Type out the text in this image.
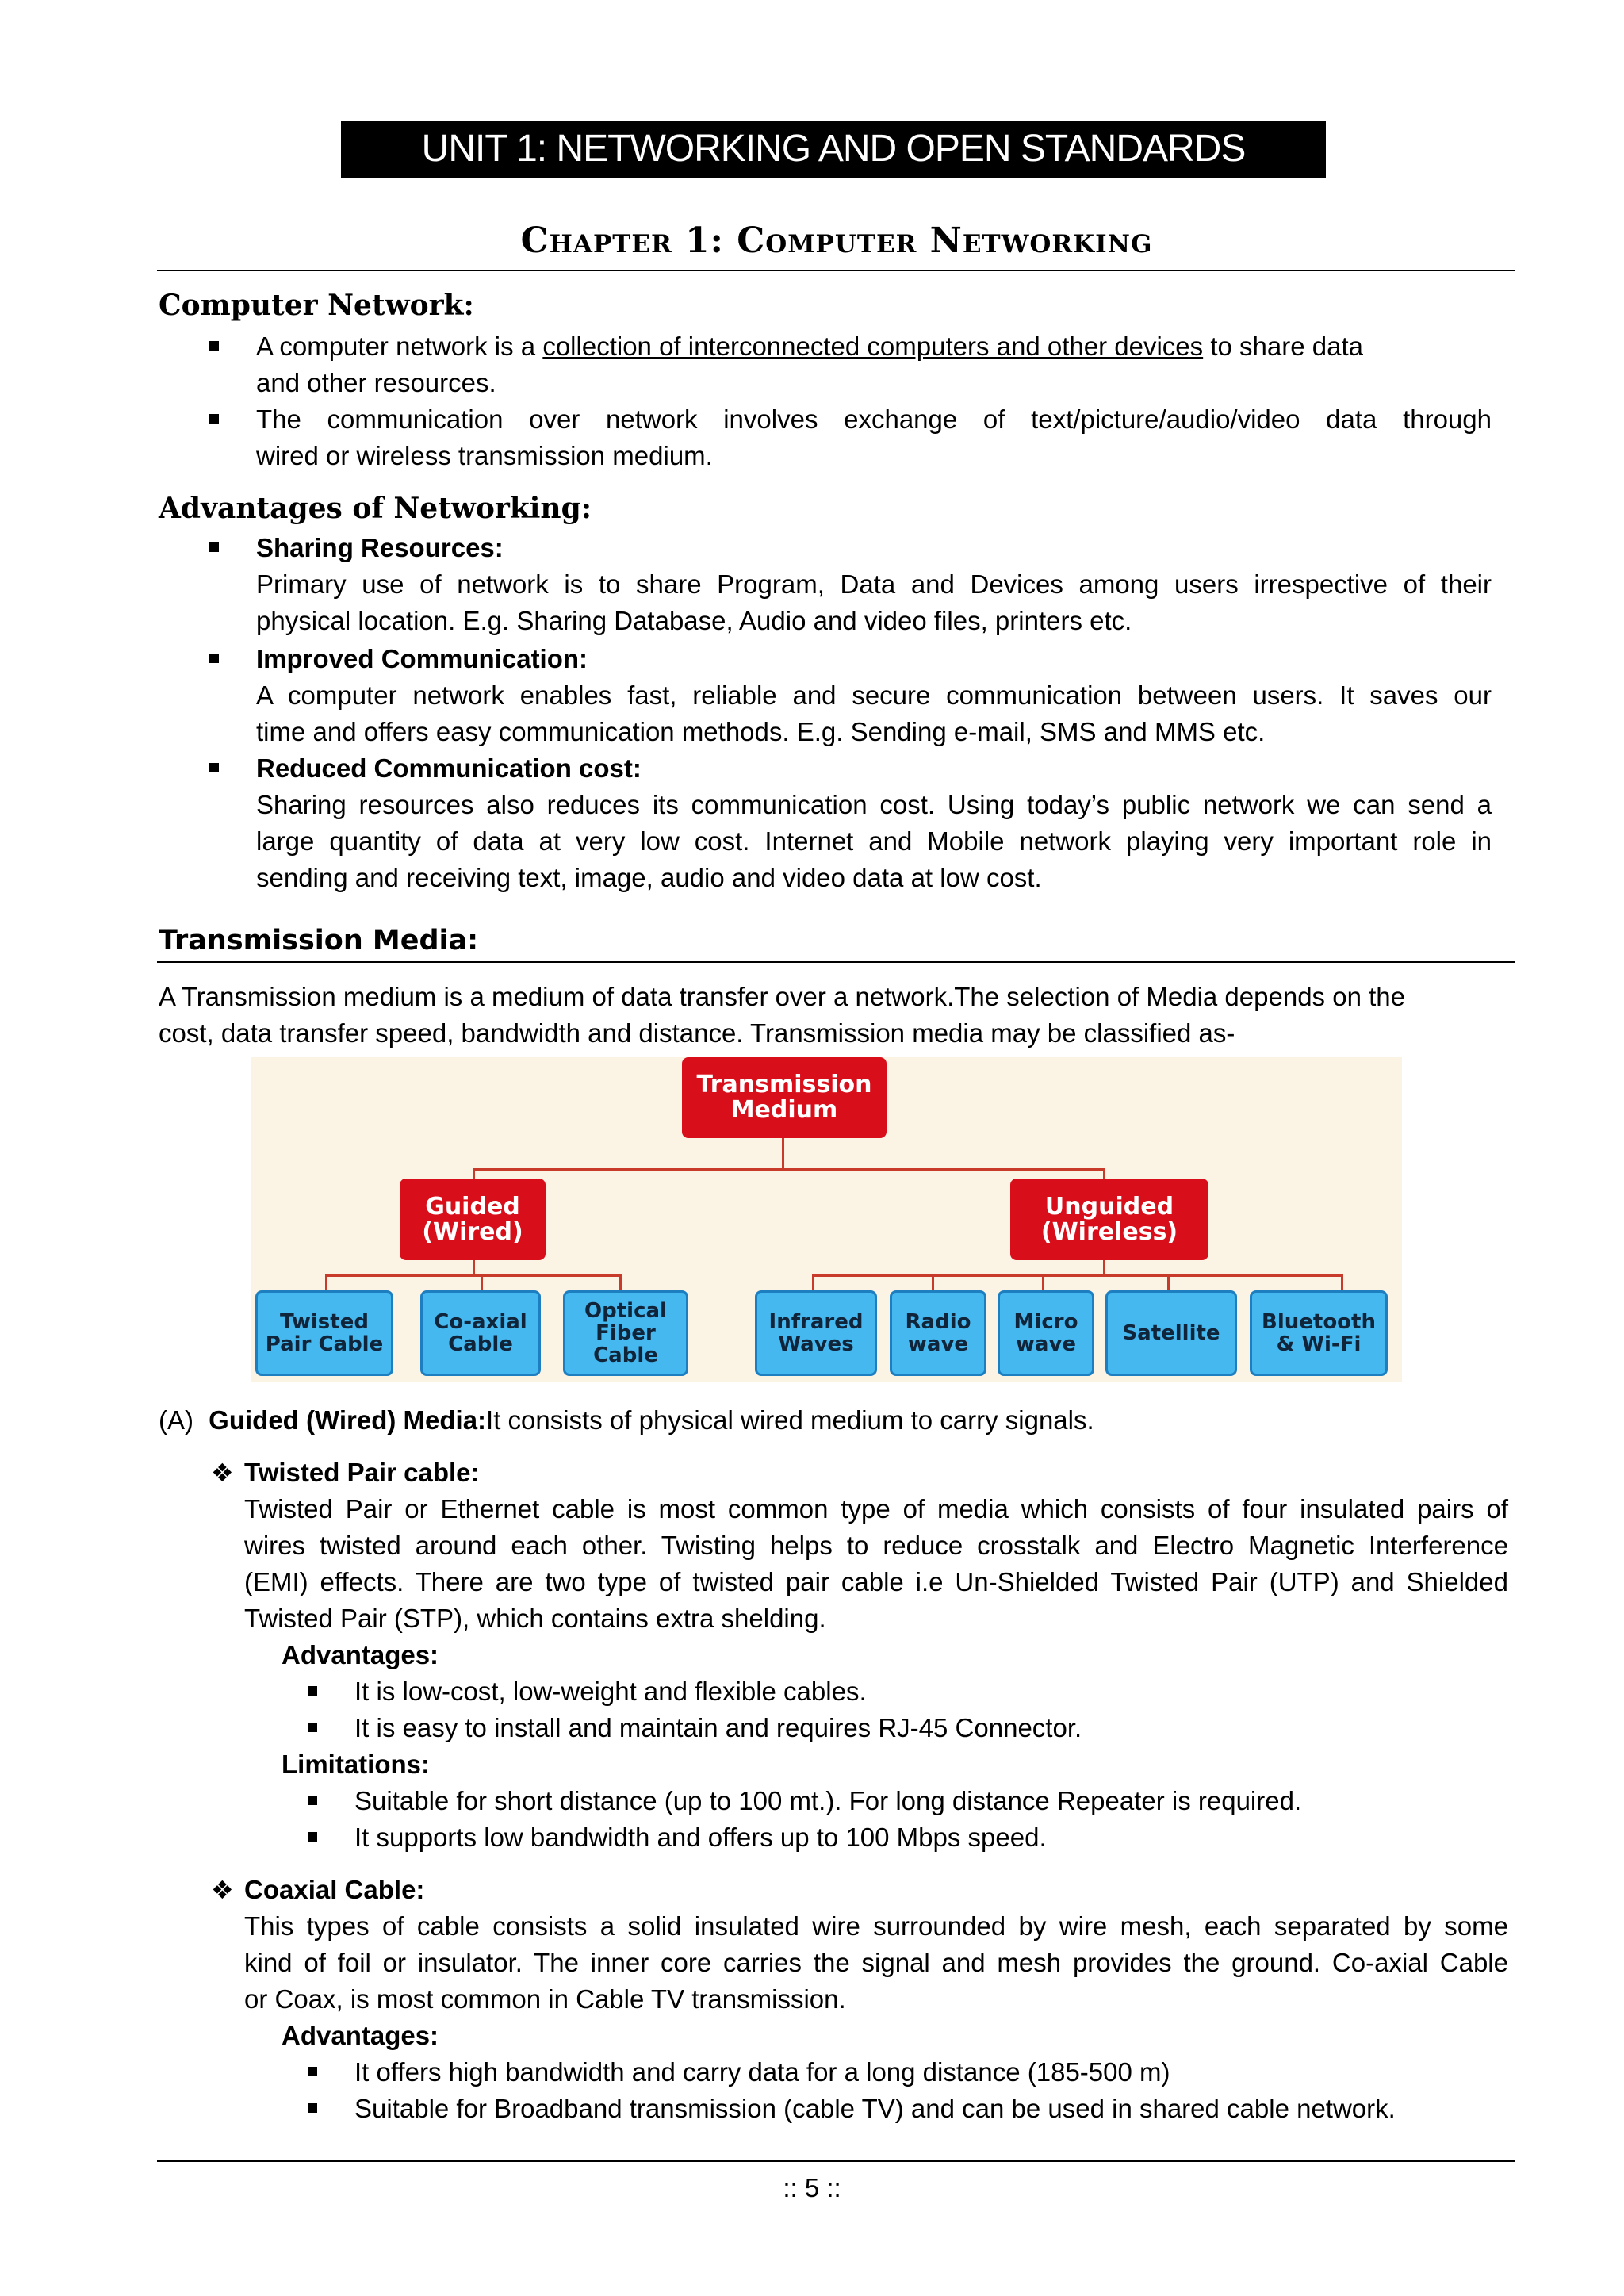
UNIT 1: NETWORKING AND OPEN STANDARDS
Chapter 1: Computer Networking
Computer Network:
A computer network is a collection of interconnected computers and other devices to share data
and other resources.
The communication over network involves exchange of text/picture/audio/video data through
wired or wireless transmission medium.
Advantages of Networking:
Sharing Resources:
Primary use of network is to share Program, Data and Devices among users irrespective of their
physical location. E.g. Sharing Database, Audio and video files, printers etc.
Improved Communication:
A computer network enables fast, reliable and secure communication between users. It saves our
time and offers easy communication methods. E.g. Sending e-mail, SMS and MMS etc.
Reduced Communication cost:
Sharing resources also reduces its communication cost. Using today’s public network we can send a
large quantity of data at very low cost. Internet and Mobile network playing very important role in
sending and receiving text, image, audio and video data at low cost.
Transmission Media:
A Transmission medium is a medium of data transfer over a network.The selection of Media depends on the
cost, data transfer speed, bandwidth and distance. Transmission media may be classified as-
Transmission
Medium
Guided
(Wired)
Unguided
(Wireless)
Twisted
Pair Cable
Co-axial
Cable
Optical
Fiber
Cable
Infrared
Waves
Radio
wave
Micro
wave	Satellite	Bluetooth
& Wi-Fi
(A) Guided (Wired) Media:It consists of physical wired medium to carry signals.
❖ Twisted Pair cable:
Twisted Pair or Ethernet cable is most common type of media which consists of four insulated pairs of
wires twisted around each other. Twisting helps to reduce crosstalk and Electro Magnetic Interference
(EMI) effects. There are two type of twisted pair cable i.e Un-Shielded Twisted Pair (UTP) and Shielded
Twisted Pair (STP), which contains extra shelding.
Advantages:
It is low-cost, low-weight and flexible cables.
It is easy to install and maintain and requires RJ-45 Connector.
Limitations:
Suitable for short distance (up to 100 mt.). For long distance Repeater is required.
It supports low bandwidth and offers up to 100 Mbps speed.
❖ Coaxial Cable:
This types of cable consists a solid insulated wire surrounded by wire mesh, each separated by some
kind of foil or insulator. The inner core carries the signal and mesh provides the ground. Co-axial Cable
or Coax, is most common in Cable TV transmission.
Advantages:
It offers high bandwidth and carry data for a long distance (185-500 m)
Suitable for Broadband transmission (cable TV) and can be used in shared cable network.
:: 5 ::
